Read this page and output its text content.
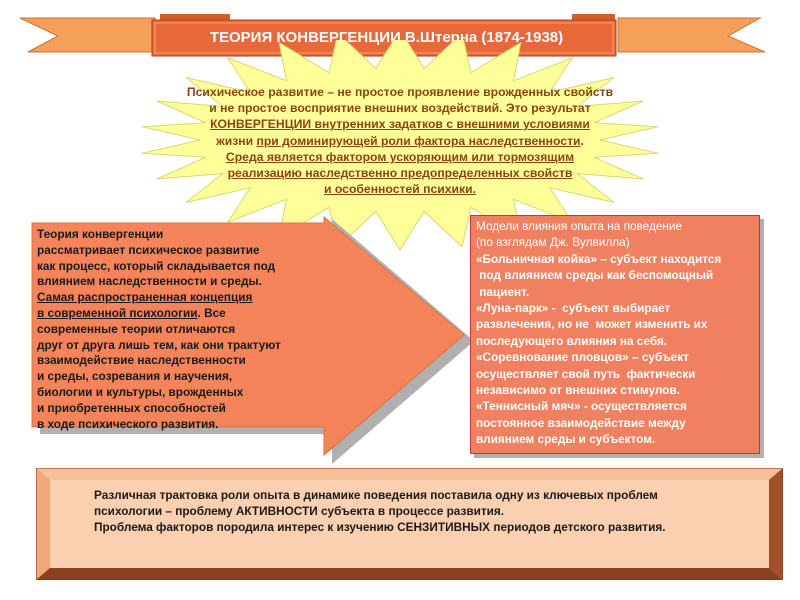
ТЕОРИЯ КОНВЕРГЕНЦИИ В.Штерна (1874-1938)
Психическое развитие – не простое проявление врожденных свойств
и не простое восприятие внешних воздействий. Это результат
КОНВЕРГЕНЦИИ внутренних задатков с внешними условиями
жизни при доминирующей роли фактора наследственности.
Среда является фактором ускоряющим или тормозящим
реализацию наследственно предопределенных свойств
и особенностей психики.
Теория конвергенции
рассматривает психическое развитие
как процесс, который складывается под
влиянием наследственности и среды.
Самая распространенная концепция
в современной психологии. Все
современные теории отличаются
друг от друга лишь тем, как они трактуют
взаимодействие наследственности
и среды, созревания и научения,
биологии и культуры, врожденных
и приобретенных способностей
в ходе психического развития.
Модели влияния опыта на поведение
(по взглядам Дж. Вулвилла)
«Больничная койка» – субъект находится
под влиянием среды как беспомощный
пациент.
«Луна-парк» -  субъект выбирает
развлечения, но не  может изменить их
последующего влияния на себя.
«Соревнование пловцов» – субъект
осуществляет свой путь  фактически
независимо от внешних стимулов.
«Теннисный мяч» - осуществляется
постоянное взаимодействие между
влиянием среды и субъектом.
Различная трактовка роли опыта в динамике поведения поставила одну из ключевых проблем
психологии – проблему АКТИВНОСТИ субъекта в процессе развития.
Проблема факторов породила интерес к изучению СЕНЗИТИВНЫХ периодов детского развития.
